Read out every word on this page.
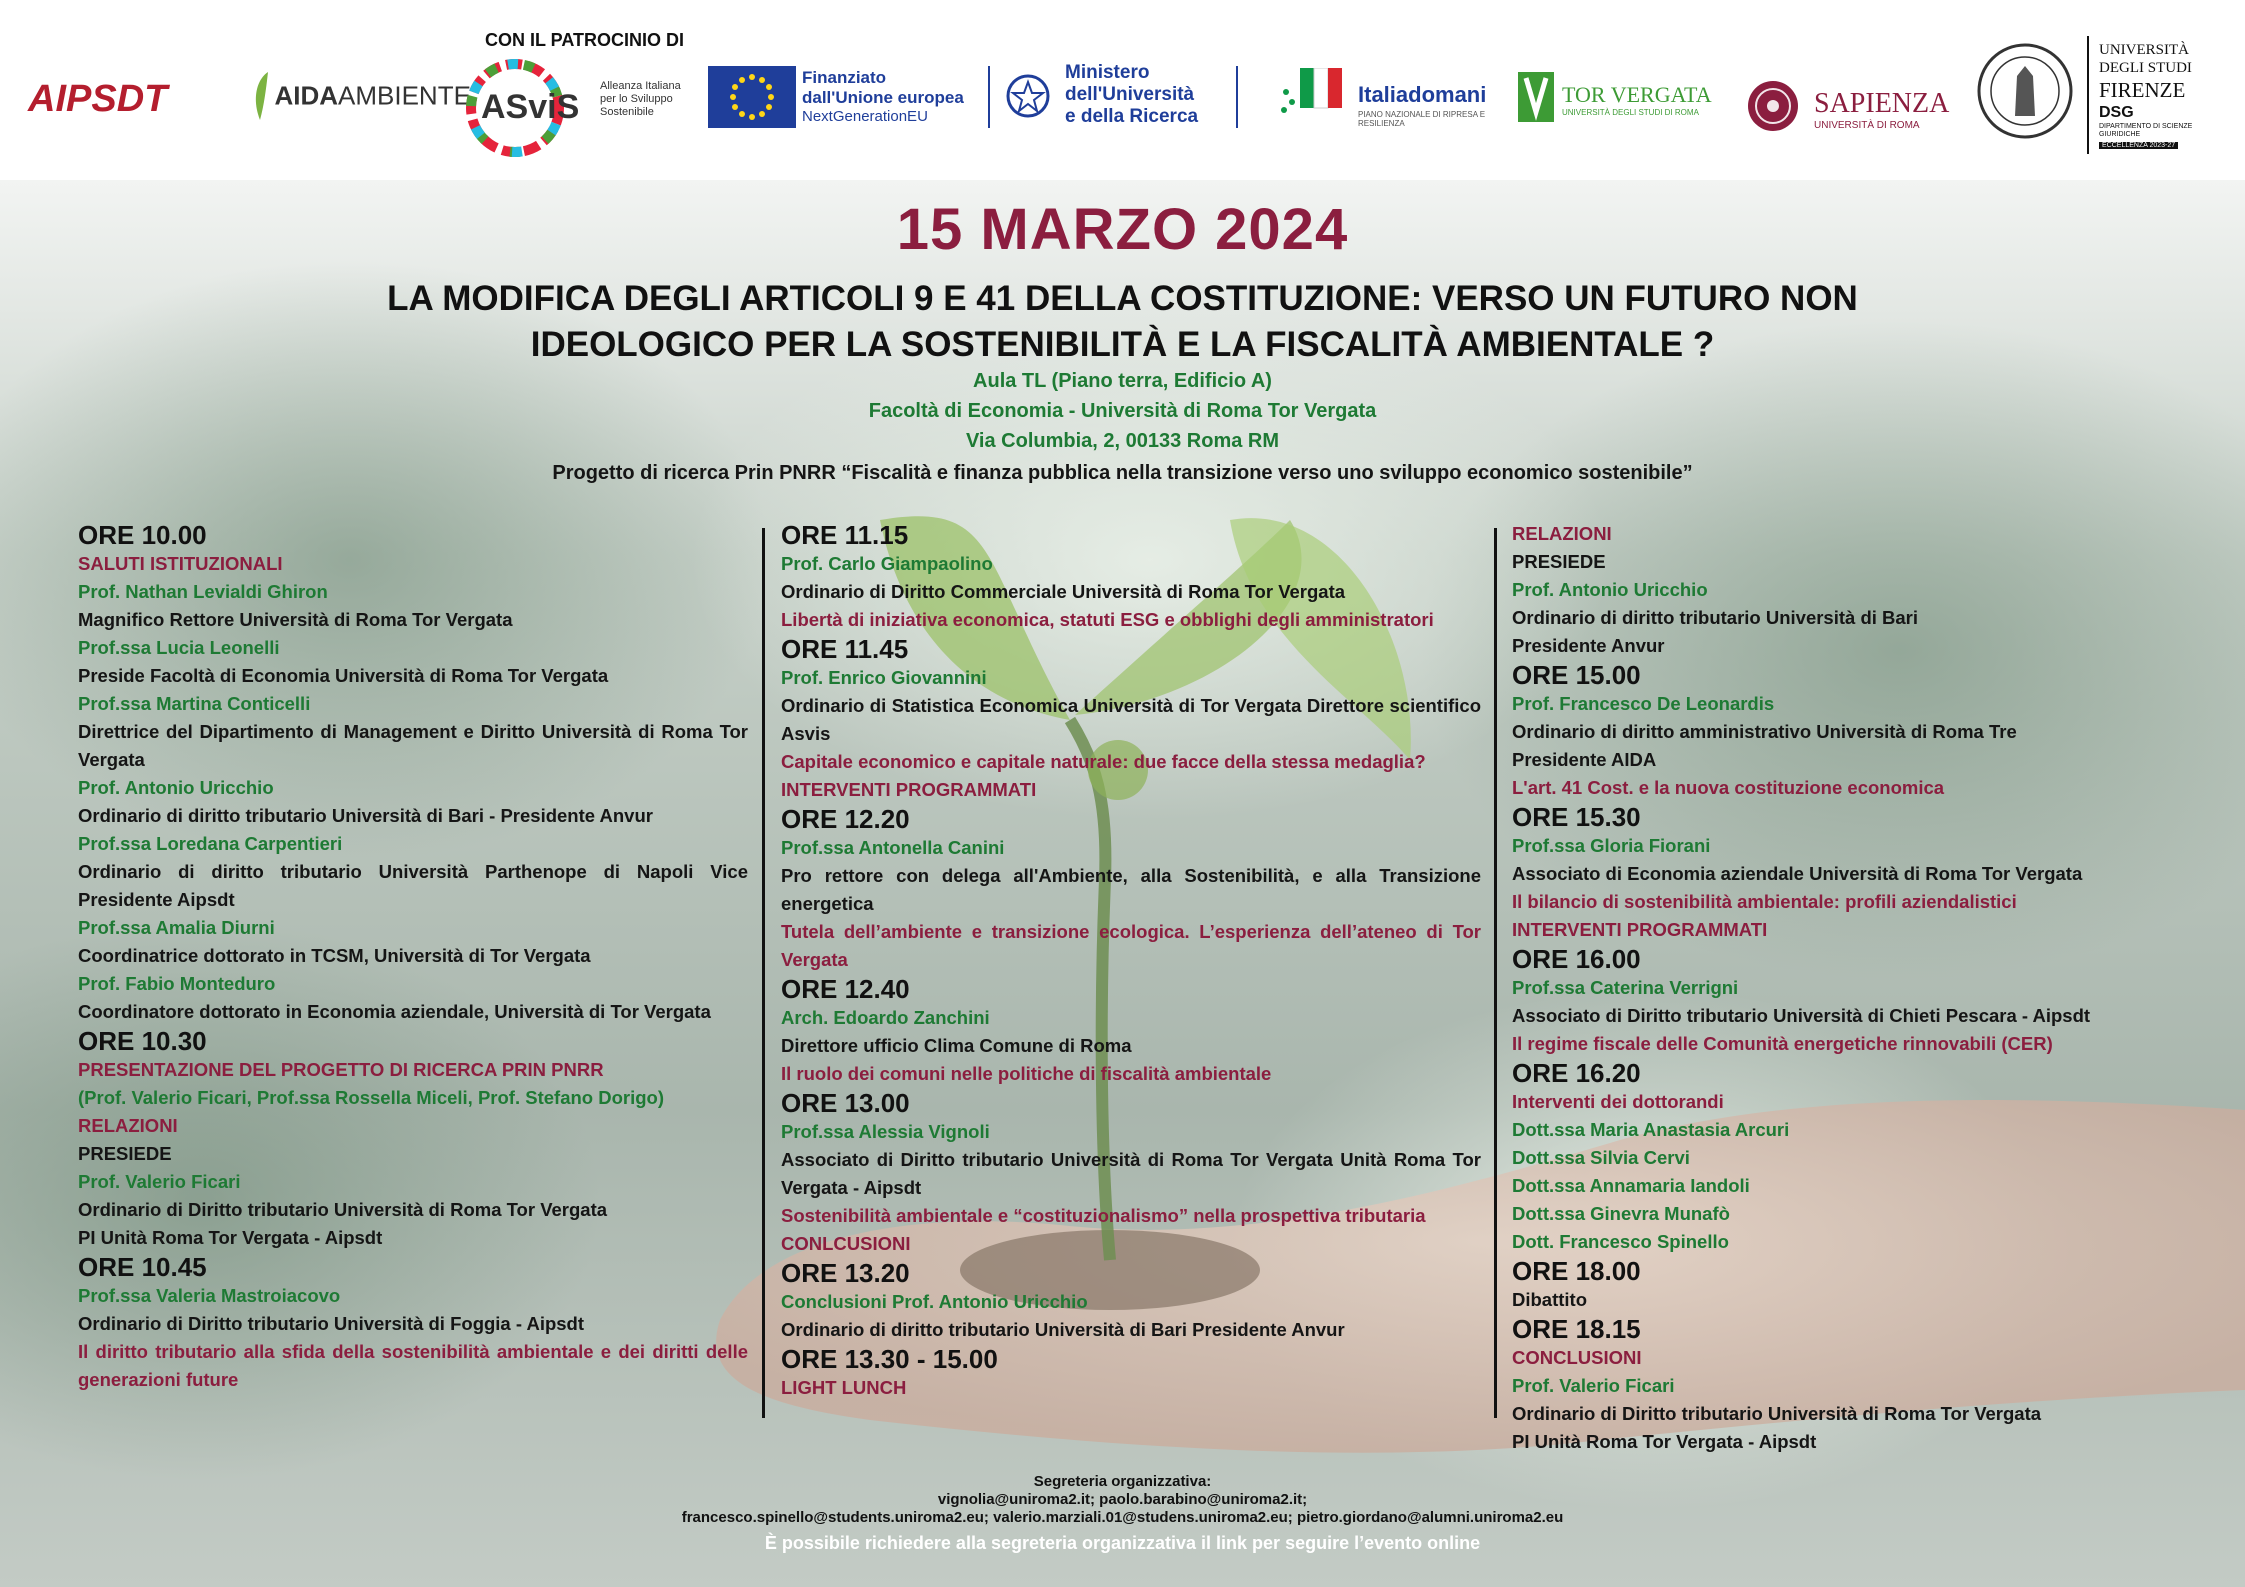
AIPSDT	AIDAAMBIENTE
CON IL PATROCINIO DI
ASviS
Alleanza Italiana per lo Sviluppo Sostenibile
Finanziato
dall'Unione europea
NextGenerationEU
Ministero
dell'Università
e della Ricerca
Italiadomani
PIANO NAZIONALE DI RIPRESA E RESILIENZA
TOR VERGATA
UNIVERSITÀ DEGLI STUDI DI ROMA	SAPIENZA
UNIVERSITÀ DI ROMA
UNIVERSITÀ
DEGLI STUDI
FIRENZE
DSG
DIPARTIMENTO DI SCIENZE GIURIDICHE
ECCELLENZA 2023-27
15 MARZO 2024
LA MODIFICA DEGLI ARTICOLI 9 E 41 DELLA COSTITUZIONE: VERSO UN FUTURO NON
IDEOLOGICO PER LA SOSTENIBILITÀ E LA FISCALITÀ AMBIENTALE ?
Aula TL (Piano terra, Edificio A)
Facoltà di Economia - Università di Roma Tor Vergata
Via Columbia, 2, 00133 Roma RM
Progetto di ricerca Prin PNRR “Fiscalità e finanza pubblica nella transizione verso uno sviluppo economico sostenibile”
ORE 10.00
SALUTI ISTITUZIONALI
Prof. Nathan Levialdi Ghiron
Magnifico Rettore Università di Roma Tor Vergata
Prof.ssa Lucia Leonelli
Preside Facoltà di Economia Università di Roma Tor Vergata
Prof.ssa Martina Conticelli
Direttrice del Dipartimento di Management e Diritto Università di Roma Tor Vergata
Prof. Antonio Uricchio
Ordinario di diritto tributario Università di Bari - Presidente Anvur
Prof.ssa Loredana Carpentieri
Ordinario di diritto tributario Università Parthenope di Napoli Vice Presidente Aipsdt
Prof.ssa Amalia Diurni
Coordinatrice dottorato in TCSM, Università di Tor Vergata
Prof. Fabio Monteduro
Coordinatore dottorato in Economia aziendale, Università di Tor Vergata
ORE 10.30
PRESENTAZIONE DEL PROGETTO DI RICERCA PRIN PNRR
(Prof. Valerio Ficari, Prof.ssa Rossella Miceli, Prof. Stefano Dorigo)
RELAZIONI
PRESIEDE
Prof. Valerio Ficari
Ordinario di Diritto tributario Università di Roma Tor Vergata
PI Unità Roma Tor Vergata - Aipsdt
ORE 10.45
Prof.ssa Valeria Mastroiacovo
Ordinario di Diritto tributario Università di Foggia - Aipsdt
Il diritto tributario alla sfida della sostenibilità ambientale e dei diritti delle generazioni future
ORE 11.15
Prof. Carlo Giampaolino
Ordinario di Diritto Commerciale Università di Roma Tor Vergata
Libertà di iniziativa economica, statuti ESG e obblighi degli amministratori
ORE 11.45
Prof. Enrico Giovannini
Ordinario di Statistica Economica Università di Tor Vergata Direttore scientifico Asvis
Capitale economico e capitale naturale: due facce della stessa medaglia?
INTERVENTI PROGRAMMATI
ORE 12.20
Prof.ssa Antonella Canini
Pro rettore con delega all'Ambiente, alla Sostenibilità, e alla Transizione energetica
Tutela dell’ambiente e transizione ecologica. L’esperienza dell’ateneo di Tor Vergata
ORE 12.40
Arch. Edoardo Zanchini
Direttore ufficio Clima Comune di Roma
Il ruolo dei comuni nelle politiche di fiscalità ambientale
ORE 13.00
Prof.ssa Alessia Vignoli
Associato di Diritto tributario Università di Roma Tor Vergata Unità Roma Tor Vergata - Aipsdt
Sostenibilità ambientale e “costituzionalismo” nella prospettiva tributaria
CONLCUSIONI
ORE 13.20
Conclusioni Prof. Antonio Uricchio
Ordinario di diritto tributario Università di Bari Presidente Anvur
ORE 13.30 - 15.00
LIGHT LUNCH
RELAZIONI
PRESIEDE
Prof. Antonio Uricchio
Ordinario di diritto tributario Università di Bari
Presidente Anvur
ORE 15.00
Prof. Francesco De Leonardis
Ordinario di diritto amministrativo Università di Roma Tre
Presidente AIDA
L'art. 41 Cost. e la nuova costituzione economica
ORE 15.30
Prof.ssa Gloria Fiorani
Associato di Economia aziendale Università di Roma Tor Vergata
Il bilancio di sostenibilità ambientale: profili aziendalistici
INTERVENTI PROGRAMMATI
ORE 16.00
Prof.ssa Caterina Verrigni
Associato di Diritto tributario Università di Chieti Pescara - Aipsdt
Il regime fiscale delle Comunità energetiche rinnovabili (CER)
ORE 16.20
Interventi dei dottorandi
Dott.ssa Maria Anastasia Arcuri
Dott.ssa Silvia Cervi
Dott.ssa Annamaria Iandoli
Dott.ssa Ginevra Munafò
Dott. Francesco Spinello
ORE 18.00
Dibattito
ORE 18.15
CONCLUSIONI
Prof. Valerio Ficari
Ordinario di Diritto tributario Università di Roma Tor Vergata
PI Unità Roma Tor Vergata - Aipsdt
Segreteria organizzativa:
vignolia@uniroma2.it; paolo.barabino@uniroma2.it;
francesco.spinello@students.uniroma2.eu; valerio.marziali.01@studens.uniroma2.eu; pietro.giordano@alumni.uniroma2.eu
È possibile richiedere alla segreteria organizzativa il link per seguire l’evento online
